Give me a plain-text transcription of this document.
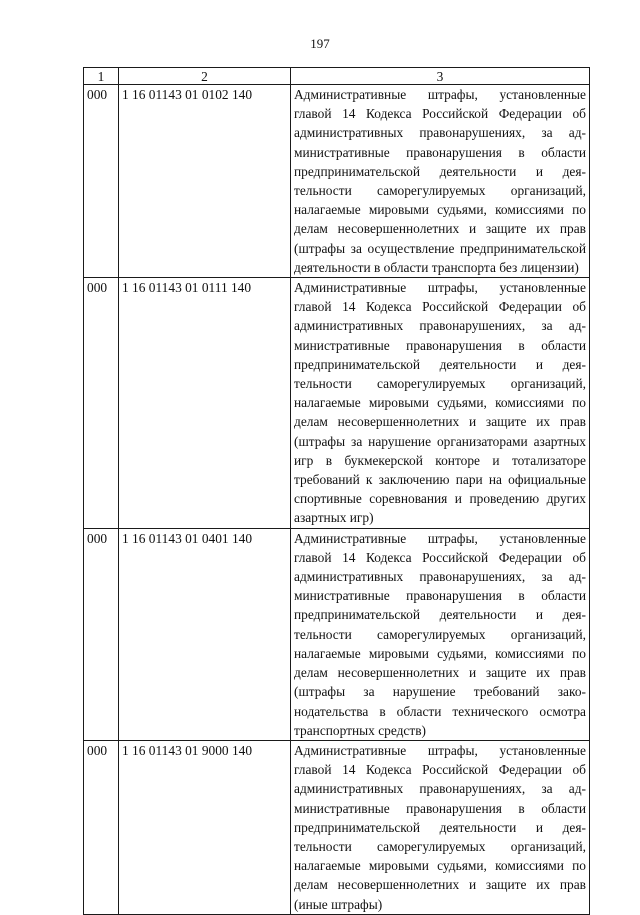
197
1	2	3
000	1 16 01143 01 0102 140	Административные штрафы, установленные главой 14 Кодекса Российской Федерации об административных правонарушениях, за административные правонарушения в области предпринимательской деятельности и деятельности саморегулируемых организаций, налагаемые мировыми судьями, комиссиями по делам несовершеннолетних и защите их прав (штрафы за осуществление предпринимательской деятельности в области транспорта без лицензии)
000	1 16 01143 01 0111 140	Административные штрафы, установленные главой 14 Кодекса Российской Федерации об административных правонарушениях, за административные правонарушения в области предпринимательской деятельности и деятельности саморегулируемых организаций, налагаемые мировыми судьями, комиссиями по делам несовершеннолетних и защите их прав (штрафы за нарушение организаторами азартных игр в букмекерской конторе и тотализаторе требований к заключению пари на официальные спортивные соревнования и проведению других азартных игр)
000	1 16 01143 01 0401 140	Административные штрафы, установленные главой 14 Кодекса Российской Федерации об административных правонарушениях, за административные правонарушения в области предпринимательской деятельности и деятельности саморегулируемых организаций, налагаемые мировыми судьями, комиссиями по делам несовершеннолетних и защите их прав (штрафы за нарушение требований законодательства в области технического осмотра транспортных средств)
000	1 16 01143 01 9000 140	Административные штрафы, установленные главой 14 Кодекса Российской Федерации об административных правонарушениях, за административные правонарушения в области предпринимательской деятельности и деятельности саморегулируемых организаций, налагаемые мировыми судьями, комиссиями по делам несовершеннолетних и защите их прав (иные штрафы)
